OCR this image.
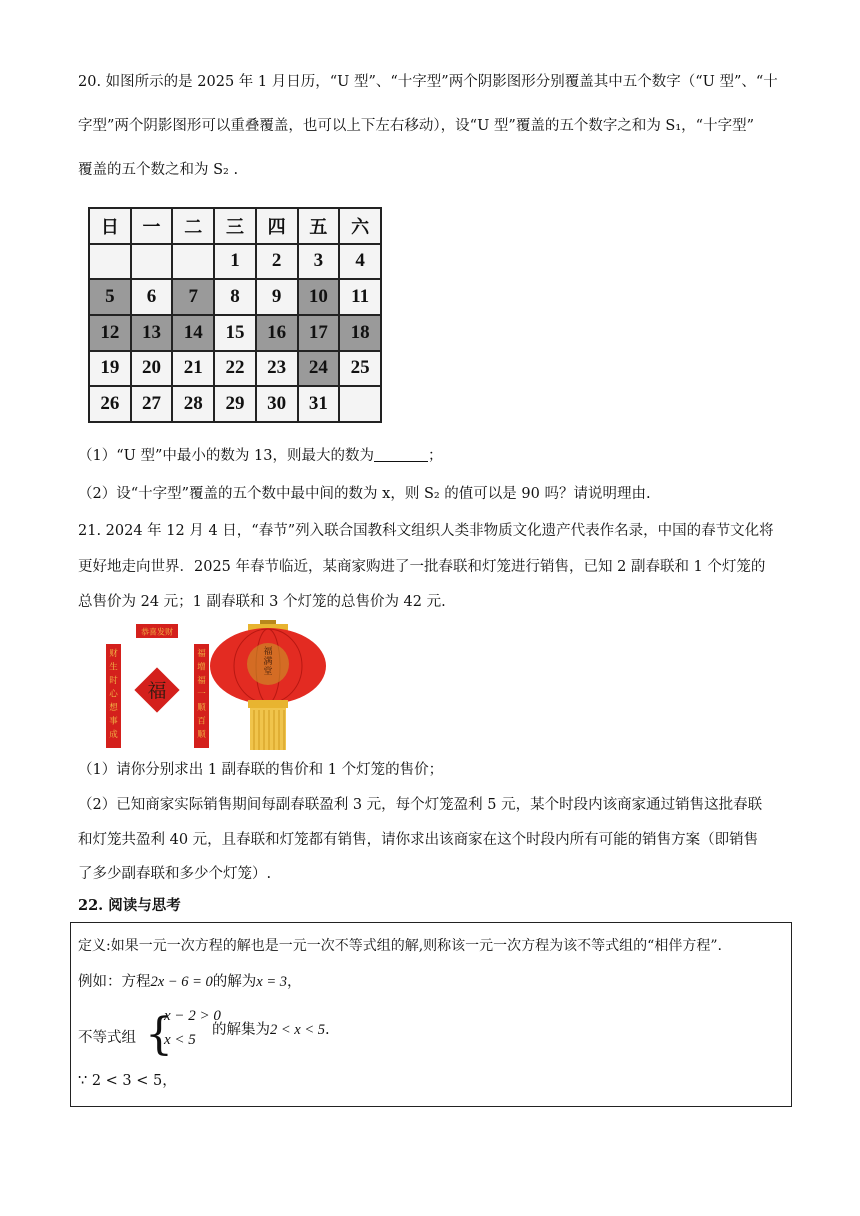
20. 如图所示的是 2025 年 1 月日历，“U 型”、“十字型”两个阴影图形分别覆盖其中五个数字（“U 型”、“十
字型”两个阴影图形可以重叠覆盖，也可以上下左右移动），设“U 型”覆盖的五个数字之和为 S₁，“十字型”
覆盖的五个数之和为 S₂ .
日	一	二	三	四	五	六
			1	2	3	4
5	6	7	8	9	10	11
12	13	14	15	16	17	18
19	20	21	22	23	24	25
26	27	28	29	30	31	
（1）“U 型”中最小的数为 13，则最大的数为	；
（2）设“十字型”覆盖的五个数中最中间的数为 x，则 S₂ 的值可以是 90 吗？请说明理由.
21. 2024 年 12 月 4 日，“春节”列入联合国教科文组织人类非物质文化遗产代表作名录，中国的春节文化将
更好地走向世界．2025 年春节临近，某商家购进了一批春联和灯笼进行销售，已知 2 副春联和 1 个灯笼的
总售价为 24 元；1 副春联和 3 个灯笼的总售价为 42 元.
恭喜发财
财生时心想事成
福增福一顺百顺
福
福满堂
（1）请你分别求出 1 副春联的售价和 1 个灯笼的售价；
（2）已知商家实际销售期间每副春联盈利 3 元，每个灯笼盈利 5 元，某个时段内该商家通过销售这批春联
和灯笼共盈利 40 元，且春联和灯笼都有销售，请你求出该商家在这个时段内所有可能的销售方案（即销售
了多少副春联和多少个灯笼）.
22. 阅读与思考
定义:如果一元一次方程的解也是一元一次不等式组的解,则称该一元一次方程为该不等式组的“相伴方程”.
例如：方程2x − 6 = 0的解为x = 3，
不等式组 {
x − 2 > 0
x < 5
的解集为2 < x < 5.
∵ 2 < 3 < 5，
